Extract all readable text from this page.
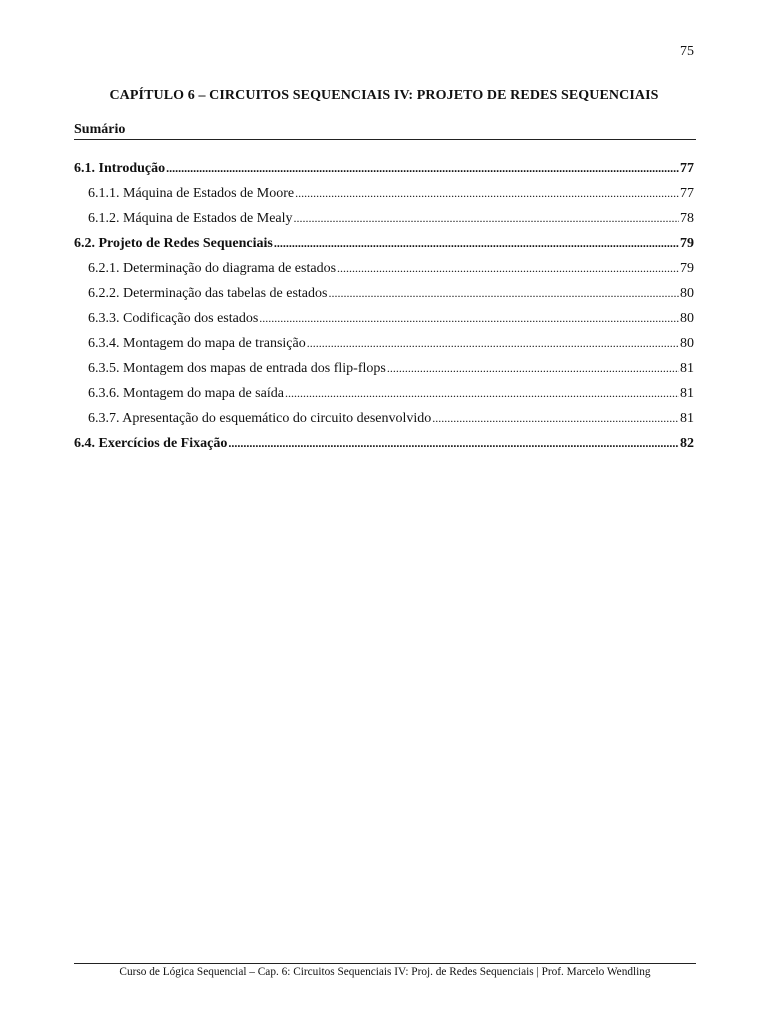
75
CAPÍTULO 6 – CIRCUITOS SEQUENCIAIS IV: PROJETO DE REDES SEQUENCIAIS
Sumário
6.1. Introdução .....	77
6.1.1. Máquina de Estados de Moore .....	77
6.1.2. Máquina de Estados de Mealy .....	78
6.2. Projeto de Redes Sequenciais .....	79
6.2.1. Determinação do diagrama de estados .....	79
6.2.2. Determinação das tabelas de estados .....	80
6.3.3. Codificação dos estados .....	80
6.3.4. Montagem do mapa de transição .....	80
6.3.5. Montagem dos mapas de entrada dos flip-flops .....	81
6.3.6. Montagem do mapa de saída .....	81
6.3.7. Apresentação do esquemático do circuito desenvolvido .....	81
6.4. Exercícios de Fixação .....	82
Curso de Lógica Sequencial – Cap. 6: Circuitos Sequenciais IV: Proj. de Redes Sequenciais | Prof. Marcelo Wendling
